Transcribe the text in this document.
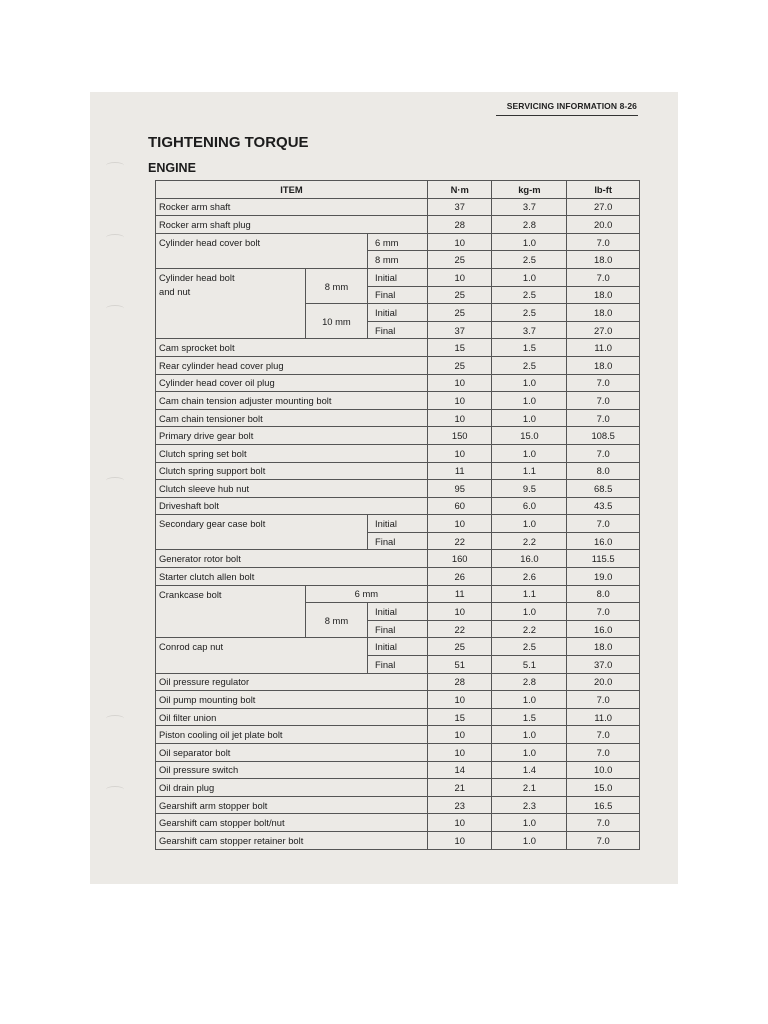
SERVICING INFORMATION 8-26
TIGHTENING TORQUE
ENGINE
ITEM			N·m	kg-m	lb-ft
Rocker arm shaft			37	3.7	27.0
Rocker arm shaft plug			28	2.8	20.0
Cylinder head cover bolt		6 mm	10	1.0	7.0
		8 mm	25	2.5	18.0
Cylinder head bolt
and nut	8 mm	Initial	10	1.0	7.0
		Final	25	2.5	18.0
	10 mm	Initial	25	2.5	18.0
		Final	37	3.7	27.0
Cam sprocket bolt			15	1.5	11.0
Rear cylinder head cover plug			25	2.5	18.0
Cylinder head cover oil plug			10	1.0	7.0
Cam chain tension adjuster mounting bolt			10	1.0	7.0
Cam chain tensioner bolt			10	1.0	7.0
Primary drive gear bolt			150	15.0	108.5
Clutch spring set bolt			10	1.0	7.0
Clutch spring support bolt			11	1.1	8.0
Clutch sleeve hub nut			95	9.5	68.5
Driveshaft bolt			60	6.0	43.5
Secondary gear case bolt		Initial	10	1.0	7.0
		Final	22	2.2	16.0
Generator rotor bolt			160	16.0	115.5
Starter clutch allen bolt			26	2.6	19.0
Crankcase bolt	6 mm		11	1.1	8.0
	8 mm	Initial	10	1.0	7.0
		Final	22	2.2	16.0
Conrod cap nut		Initial	25	2.5	18.0
		Final	51	5.1	37.0
Oil pressure regulator			28	2.8	20.0
Oil pump mounting bolt			10	1.0	7.0
Oil filter union			15	1.5	11.0
Piston cooling oil jet plate bolt			10	1.0	7.0
Oil separator bolt			10	1.0	7.0
Oil pressure switch			14	1.4	10.0
Oil drain plug			21	2.1	15.0
Gearshift arm stopper bolt			23	2.3	16.5
Gearshift cam stopper bolt/nut			10	1.0	7.0
Gearshift cam stopper retainer bolt			10	1.0	7.0
